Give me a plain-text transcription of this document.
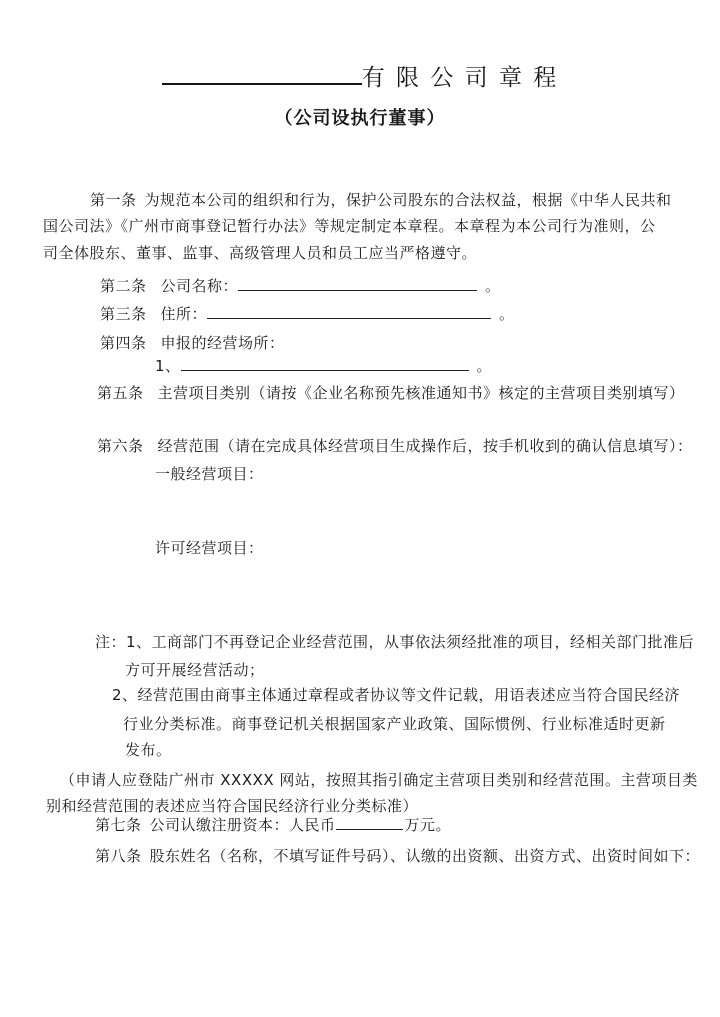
有 限 公 司 章 程
（公司设执行董事）
第一条 为规范本公司的组织和行为，保护公司股东的合法权益，根据《中华人民共和
国公司法》《广州市商事登记暂行办法》等规定制定本章程。本章程为本公司行为准则，公
司全体股东、董事、监事、高级管理人员和员工应当严格遵守。
第二条 公司名称：	。
第三条 住所：	。
第四条 申报的经营场所：
1、	。
第五条 主营项目类别（请按《企业名称预先核准通知书》核定的主营项目类别填写）
第六条 经营范围（请在完成具体经营项目生成操作后，按手机收到的确认信息填写）：
一般经营项目：
许可经营项目：
注：1、工商部门不再登记企业经营范围，从事依法须经批准的项目，经相关部门批准后
方可开展经营活动；
2、经营范围由商事主体通过章程或者协议等文件记载，用语表述应当符合国民经济
行业分类标准。商事登记机关根据国家产业政策、国际惯例、行业标准适时更新
发布。
（申请人应登陆广州市 XXXXX 网站，按照其指引确定主营项目类别和经营范围。主营项目类
别和经营范围的表述应当符合国民经济行业分类标准）
第七条 公司认缴注册资本：人民币	万元。
第八条 股东姓名（名称，不填写证件号码）、认缴的出资额、出资方式、出资时间如下：
